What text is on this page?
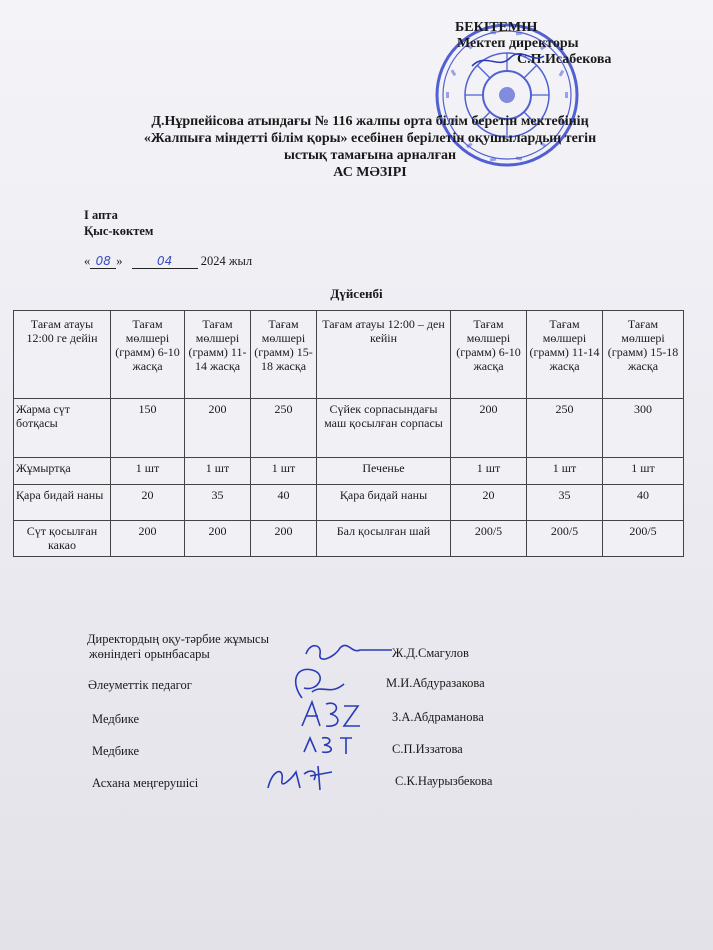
БЕКІТЕМІН
Мектеп директоры
С.П.Исабекова
Д.Нұрпейісова атындағы № 116 жалпы орта білім беретін мектебінің
«Жалпыға міндетті білім қоры» есебінен берілетін оқушылардың тегін
ыстық тамағына арналған
АС МӘЗІРІ
I апта
Қыс-көктем
« 08 »	04 2024 жыл
Дүйсенбі
Тағам атауы 12:00 ге дейін	Тағам мөлшері (грамм) 6-10 жасқа	Тағам мөлшері (грамм) 11-14 жасқа	Тағам мөлшері (грамм) 15-18 жасқа	Тағам атауы 12:00 – ден кейін	Тағам мөлшері (грамм) 6-10 жасқа	Тағам мөлшері (грамм) 11-14 жасқа	Тағам мөлшері (грамм) 15-18 жасқа
Жарма сүт ботқасы	150	200	250	Сүйек сорпасындағы маш қосылған сорпасы	200	250	300
Жұмыртқа	1 шт	1 шт	1 шт	Печенье	1 шт	1 шт	1 шт
Қара бидай наны	20	35	40	Қара бидай наны	20	35	40
Сүт қосылған какао	200	200	200	Бал қосылған шай	200/5	200/5	200/5
Директордың оқу-тәрбие жұмысы
жөніндегі орынбасары	Ж.Д.Смагулов
Әлеуметтік педагог	М.И.Абдуразакова
Медбике	З.А.Абдраманова
Медбике	С.П.Иззатова
Асхана меңгерушісі	С.К.Наурызбекова
